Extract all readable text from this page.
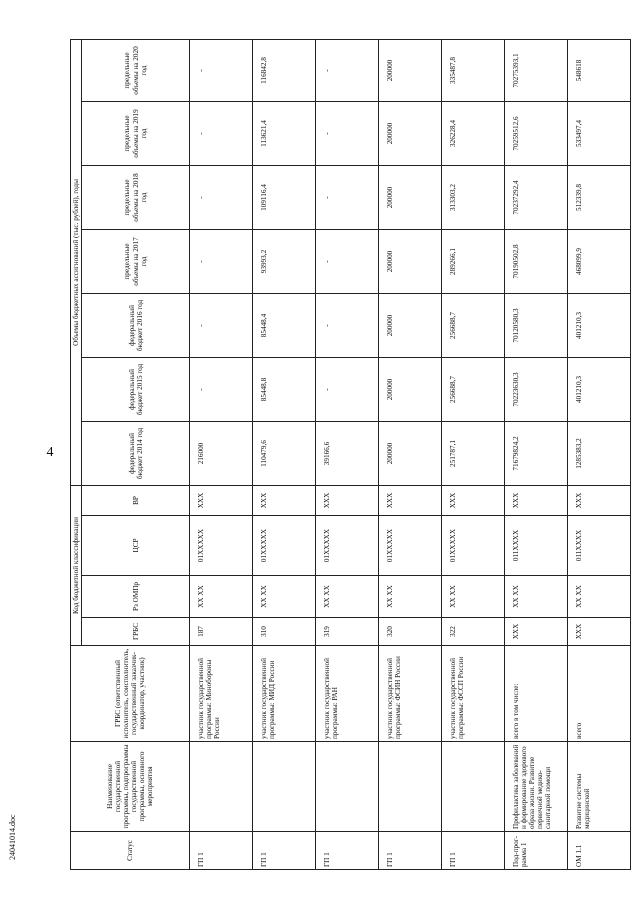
4
24041014.doc	Статус	Наименование государственной программы, подпрограммы государственной программы, основного мероприятия	ГРБС (ответственный исполнитель, соисполнитель, государственный заказчик-координатор, участник)	Код бюджетной классификации				Объемы бюджетных ассигнований (тыс. рублей), годы						
			ГРБС	Рз ОМПр	ЦСР	ВР	федеральный бюджет 2014 год	федеральный бюджет 2015 год	федеральный бюджет 2016 год	предельные объемы на 2017 год	предельные объемы на 2018 год	предельные объемы на 2019 год	предельные объемы на 2020 год
ГП 1		участник государственной программы: Минобороны России	187	XX XX	01XXXXX	XXX	216000	-	-	-	-	-	-
ГП 1		участник государственной программы: МИД России	310	XX XX	01XXXXX	XXX	110479,6	85448,8	85448,4	93993,2	109116,4	113621,4	116842,8
ГП 1		участник государственной программы: РАН	319	XX XX	01XXXXX	XXX	39166,6	-	-	-	-	-	-
ГП 1		участник государственной программы: ФСИН России	320	XX XX	01XXXXX	XXX	200000	200000	200000	200000	200000	200000	200000
ГП 1		участник государственной программы: ФССП России	322	XX XX	01XXXXX	XXX	251787,1	256688,7	256688,7	289266,1	313303,2	326228,4	335487,8
Под-прог-рамма 1	Профилактика заболеваний и формирование здорового образа жизни. Развитие первичной медико-санитарной помощи	всего в том числе:	XXX	XX XX	011XXXX	XXX	71679824,2	70223630,3	70120580,3	70190502,8	70237292,4	70259512,6	70275393,1
ОМ 1.1	Развитие системы медицинской	всего	XXX	XX XX	011XXXX	XXX	1285383,2	401210,3	401210,3	468099,9	512339,8	533497,4	548618
